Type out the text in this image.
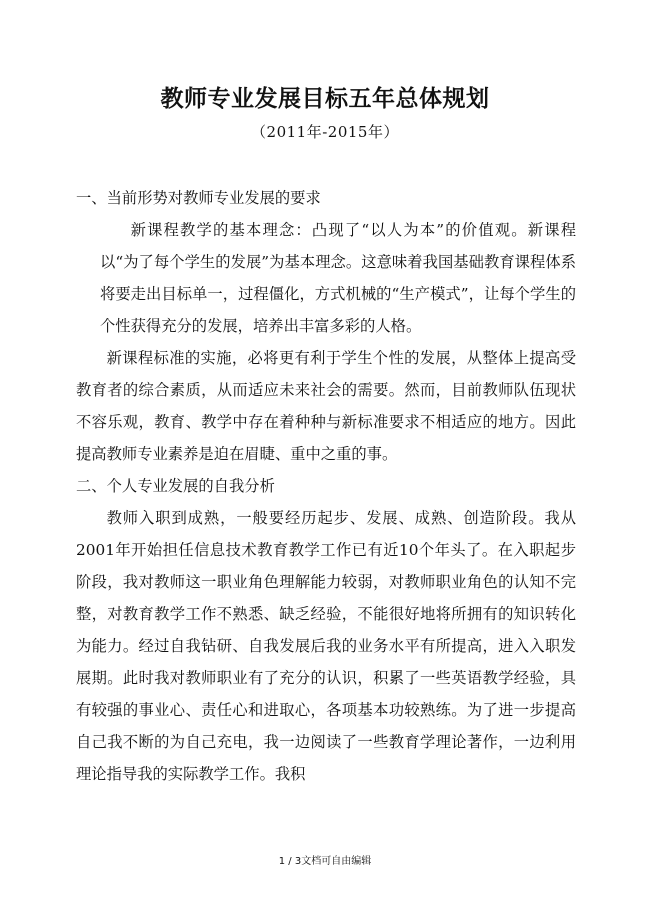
教师专业发展目标五年总体规划
（2011年-2015年）

一、当前形势对教师专业发展的要求

新课程教学的基本理念：凸现了“以人为本”的价值观。新课程以“为了每个学生的发展”为基本理念。这意味着我国基础教育课程体系将要走出目标单一，过程僵化，方式机械的“生产模式”，让每个学生的个性获得充分的发展，培养出丰富多彩的人格。

新课程标准的实施，必将更有利于学生个性的发展，从整体上提高受教育者的综合素质，从而适应未来社会的需要。然而，目前教师队伍现状不容乐观，教育、教学中存在着种种与新标准要求不相适应的地方。因此提高教师专业素养是迫在眉睫、重中之重的事。

二、个人专业发展的自我分析

教师入职到成熟，一般要经历起步、发展、成熟、创造阶段。我从2001年开始担任信息技术教育教学工作已有近10个年头了。在入职起步阶段，我对教师这一职业角色理解能力较弱，对教师职业角色的认知不完整，对教育教学工作不熟悉、缺乏经验，不能很好地将所拥有的知识转化为能力。经过自我钻研、自我发展后我的业务水平有所提高，进入入职发展期。此时我对教师职业有了充分的认识，积累了一些英语教学经验，具有较强的事业心、责任心和进取心，各项基本功较熟练。为了进一步提高自己我不断的为自己充电，我一边阅读了一些教育学理论著作，一边利用理论指导我的实际教学工作。我积

1 / 3文档可自由编辑
